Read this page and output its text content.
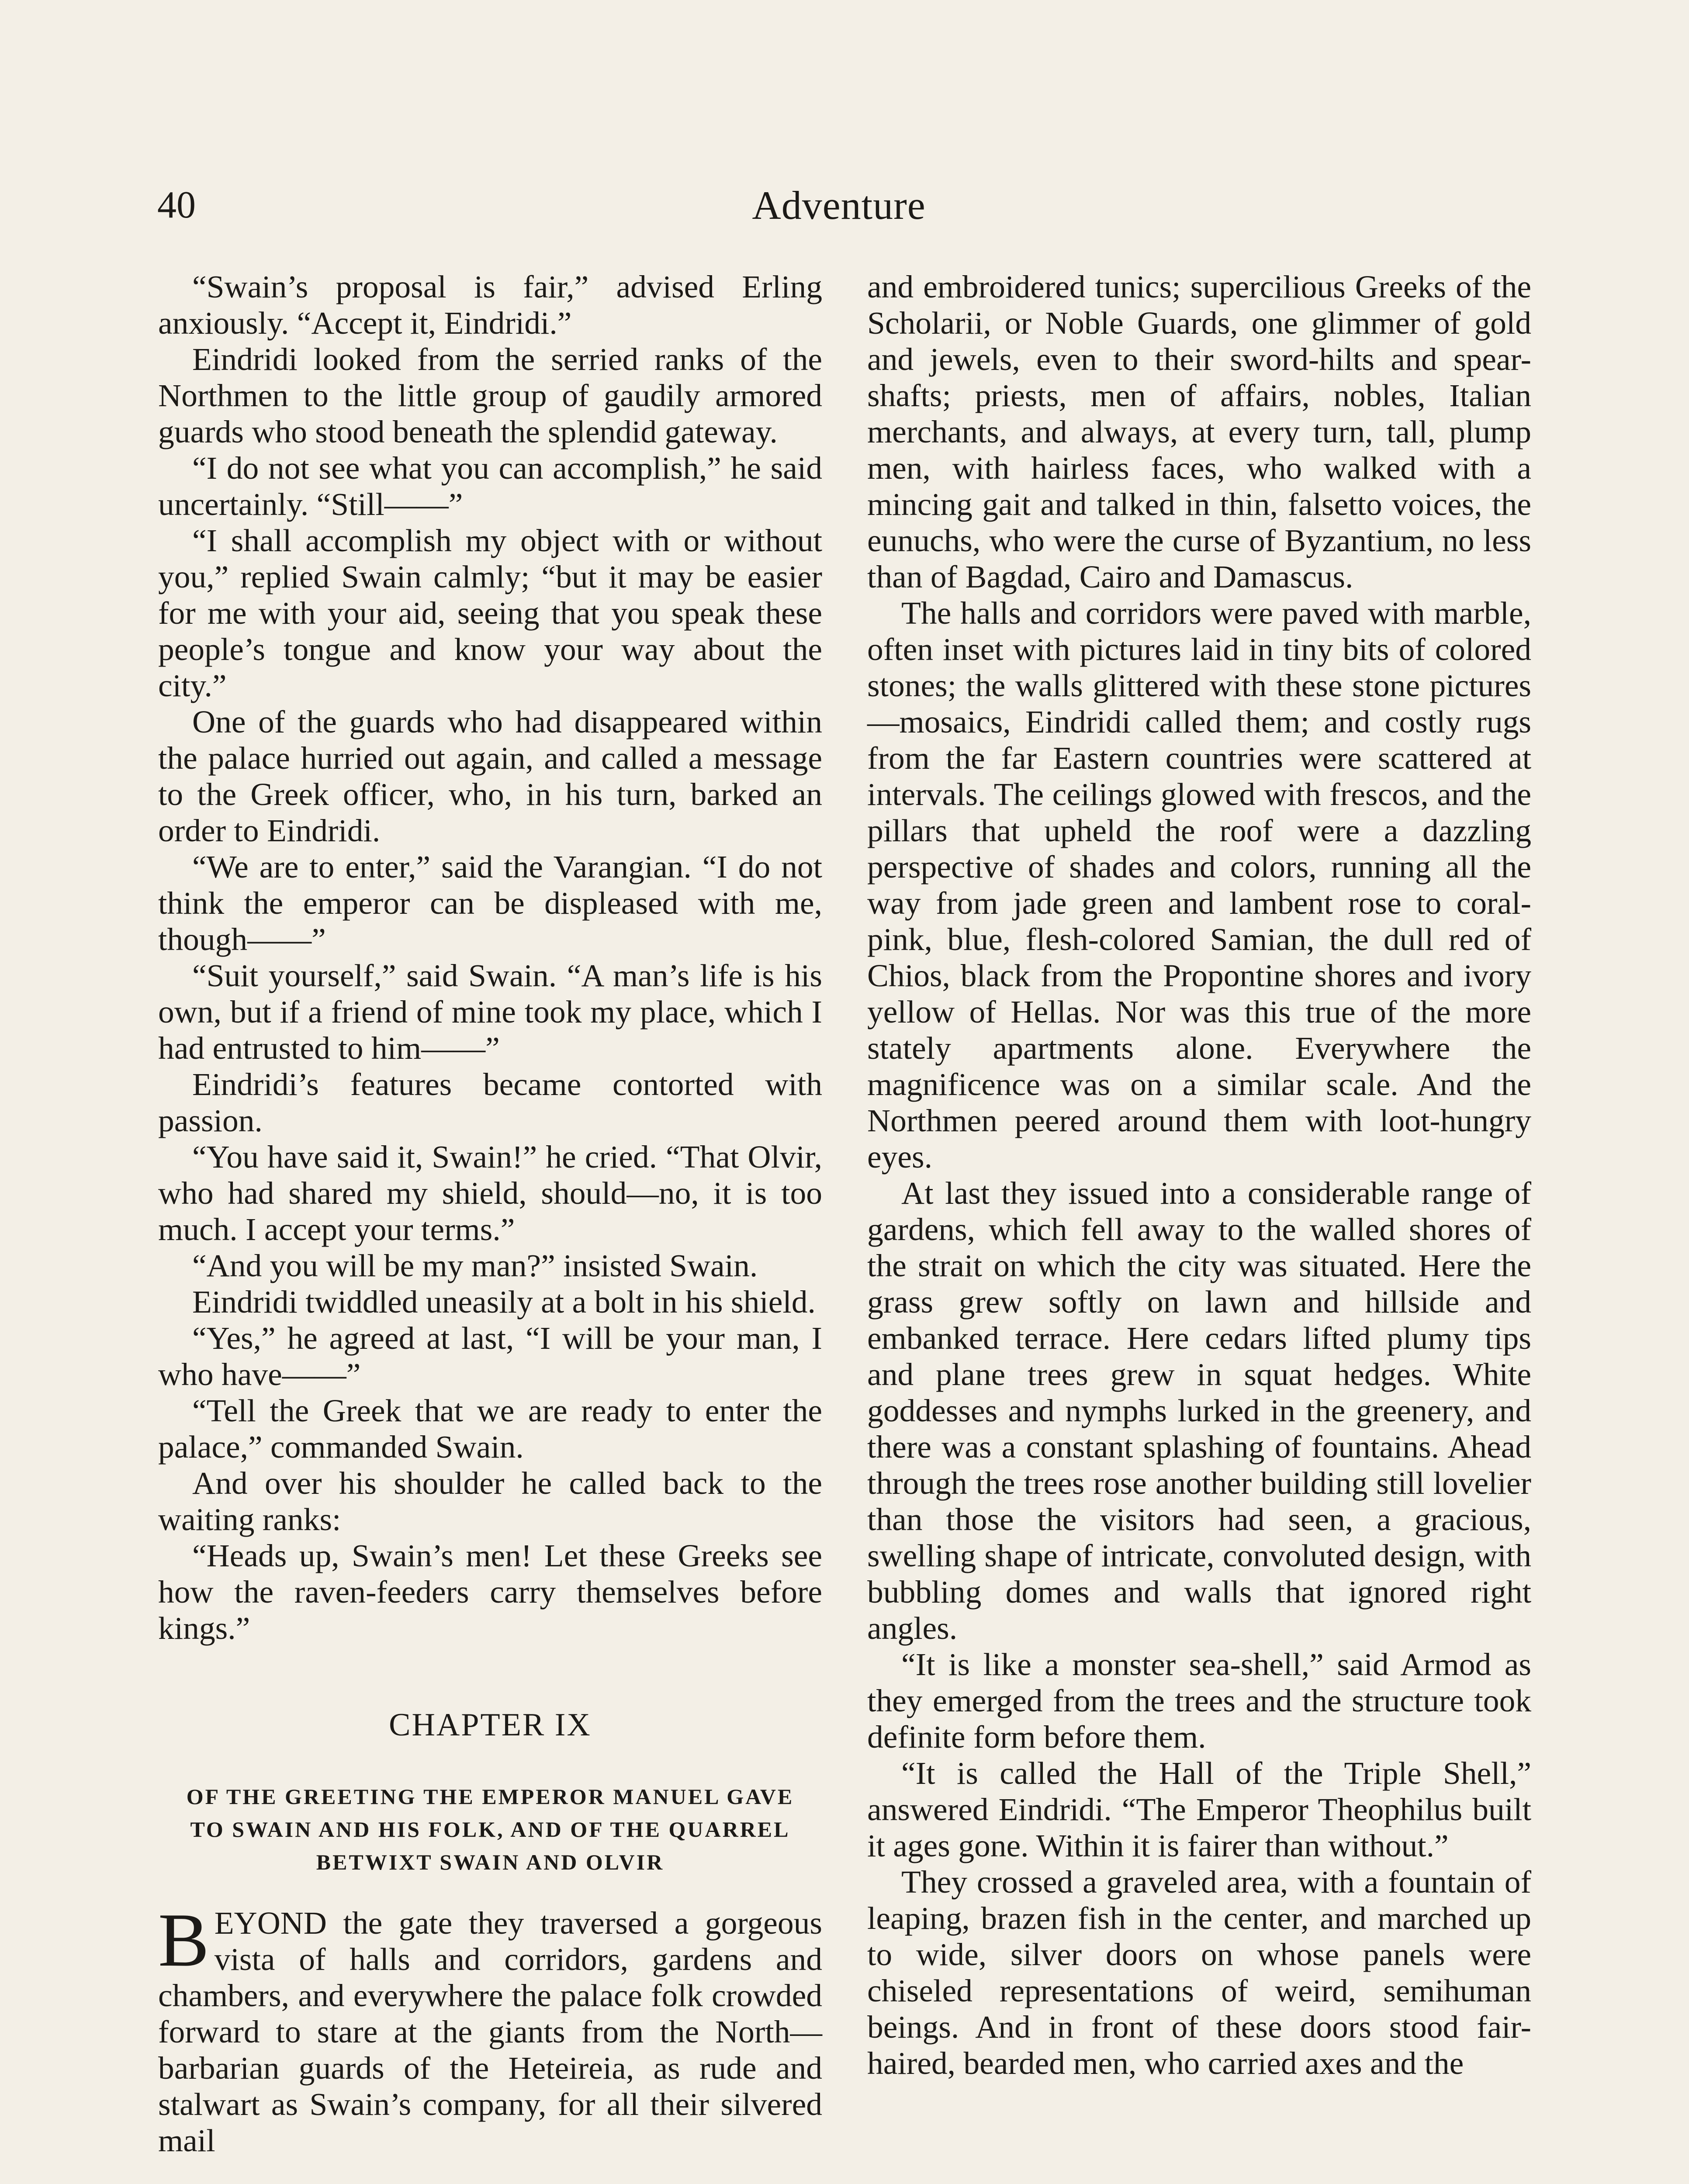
40	Adventure

“Swain’s proposal is fair,” advised Erling anxiously. “Accept it, Eindridi.”

Eindridi looked from the serried ranks of the Northmen to the little group of gaudily armored guards who stood beneath the splendid gateway.

“I do not see what you can accomplish,” he said uncertainly. “Still——”

“I shall accomplish my object with or without you,” replied Swain calmly; “but it may be easier for me with your aid, seeing that you speak these people’s tongue and know your way about the city.”

One of the guards who had disappeared within the palace hurried out again, and called a message to the Greek officer, who, in his turn, barked an order to Eindridi.

“We are to enter,” said the Varangian. “I do not think the emperor can be displeased with me, though——”

“Suit yourself,” said Swain. “A man’s life is his own, but if a friend of mine took my place, which I had entrusted to him——”

Eindridi’s features became contorted with passion.

“You have said it, Swain!” he cried. “That Olvir, who had shared my shield, should—no, it is too much. I accept your terms.”

“And you will be my man?” insisted Swain.

Eindridi twiddled uneasily at a bolt in his shield.

“Yes,” he agreed at last, “I will be your man, I who have——”

“Tell the Greek that we are ready to enter the palace,” commanded Swain.

And over his shoulder he called back to the waiting ranks:

“Heads up, Swain’s men! Let these Greeks see how the raven-feeders carry themselves before kings.”

CHAPTER IX
OF THE GREETING THE EMPEROR MANUEL GAVE TO SWAIN AND HIS FOLK, AND OF THE QUARREL BETWIXT SWAIN AND OLVIR

BEYOND the gate they traversed a gorgeous vista of halls and corridors, gardens and chambers, and everywhere the palace folk crowded forward to stare at the giants from the North—barbarian guards of the Heteireia, as rude and stalwart as Swain’s company, for all their silvered mail

and embroidered tunics; supercilious Greeks of the Scholarii, or Noble Guards, one glimmer of gold and jewels, even to their sword-hilts and spear-shafts; priests, men of affairs, nobles, Italian merchants, and always, at every turn, tall, plump men, with hairless faces, who walked with a mincing gait and talked in thin, falsetto voices, the eunuchs, who were the curse of Byzantium, no less than of Bagdad, Cairo and Damascus.

The halls and corridors were paved with marble, often inset with pictures laid in tiny bits of colored stones; the walls glittered with these stone pictures—mosaics, Eindridi called them; and costly rugs from the far Eastern countries were scattered at intervals. The ceilings glowed with frescos, and the pillars that upheld the roof were a dazzling perspective of shades and colors, running all the way from jade green and lambent rose to coral-pink, blue, flesh-colored Samian, the dull red of Chios, black from the Propontine shores and ivory yellow of Hellas. Nor was this true of the more stately apartments alone. Everywhere the magnificence was on a similar scale. And the Northmen peered around them with loot-hungry eyes.

At last they issued into a considerable range of gardens, which fell away to the walled shores of the strait on which the city was situated. Here the grass grew softly on lawn and hillside and embanked terrace. Here cedars lifted plumy tips and plane trees grew in squat hedges. White goddesses and nymphs lurked in the greenery, and there was a constant splashing of fountains. Ahead through the trees rose another building still lovelier than those the visitors had seen, a gracious, swelling shape of intricate, convoluted design, with bubbling domes and walls that ignored right angles.

“It is like a monster sea-shell,” said Armod as they emerged from the trees and the structure took definite form before them.

“It is called the Hall of the Triple Shell,” answered Eindridi. “The Emperor Theophilus built it ages gone. Within it is fairer than without.”

They crossed a graveled area, with a fountain of leaping, brazen fish in the center, and marched up to wide, silver doors on whose panels were chiseled representations of weird, semihuman beings. And in front of these doors stood fair-haired, bearded men, who carried axes and the
